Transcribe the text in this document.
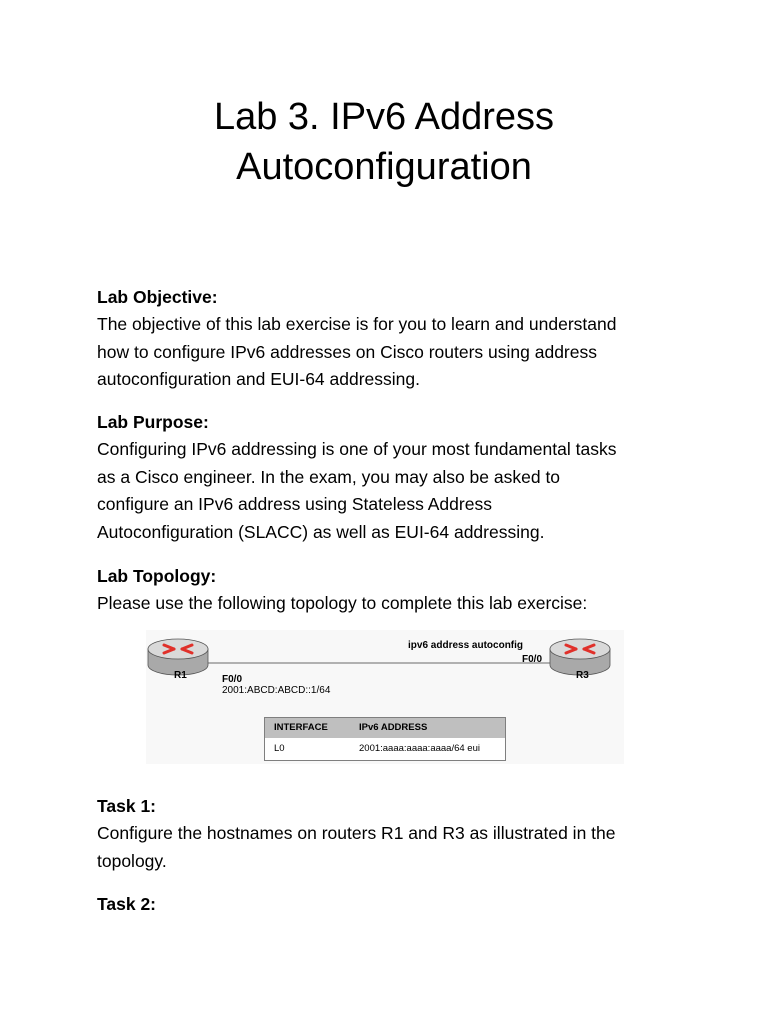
Lab 3. IPv6 Address
Autoconfiguration

Lab Objective:

The objective of this lab exercise is for you to learn and understand
how to configure IPv6 addresses on Cisco routers using address
autoconfiguration and EUI-64 addressing.

Lab Purpose:

Configuring IPv6 addressing is one of your most fundamental tasks
as a Cisco engineer. In the exam, you may also be asked to
configure an IPv6 address using Stateless Address
Autoconfiguration (SLACC) as well as EUI-64 addressing.

Lab Topology:

Please use the following topology to complete this lab exercise:

R1	R3
ipv6 address autoconfig
F0/0
2001:ABCD:ABCD::1/64
F0/0
INTERFACE	IPv6 ADDRESS
L0	2001:aaaa:aaaa:aaaa/64 eui

Task 1:

Configure the hostnames on routers R1 and R3 as illustrated in the
topology.

Task 2:
